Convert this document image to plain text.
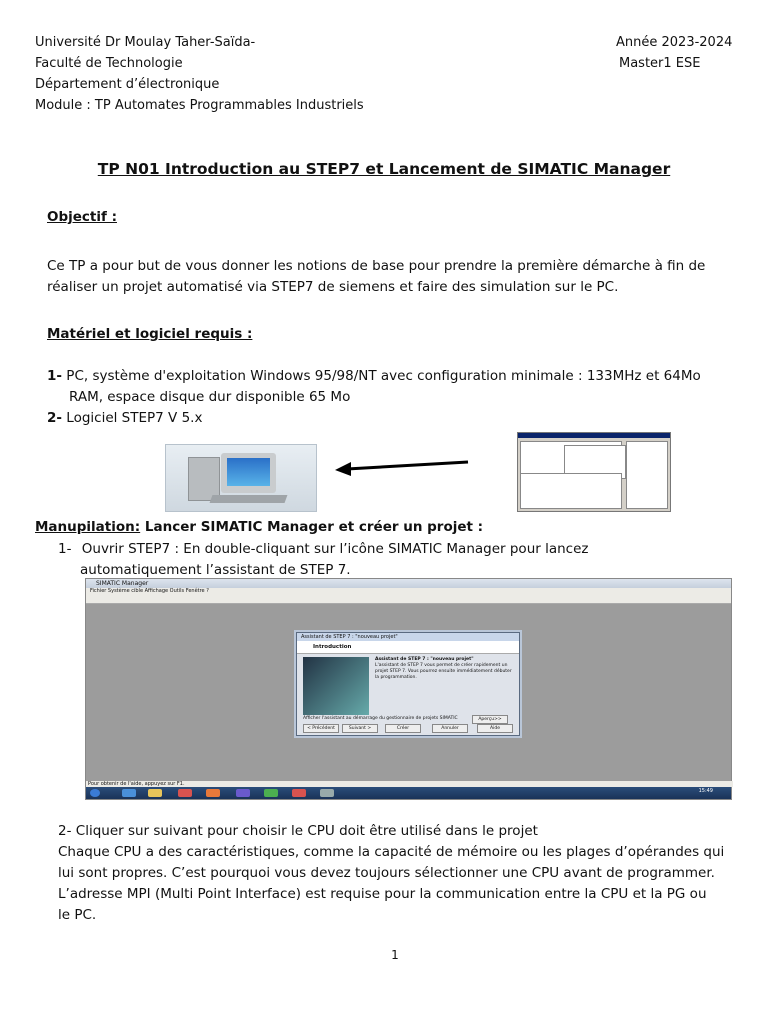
Université Dr Moulay Taher-Saïda-
Faculté de Technologie
Département d’électronique
Module : TP Automates Programmables Industriels
Année 2023-2024
Master1 ESE
TP N01 Introduction au STEP7 et Lancement de SIMATIC Manager
Objectif :
Ce TP a pour but de vous donner les notions de base pour prendre la première démarche à fin de
réaliser un projet automatisé via STEP7 de siemens et faire des simulation sur le PC.
Matériel et logiciel requis :
1- PC, système d'exploitation Windows 95/98/NT avec configuration minimale : 133MHz et 64Mo
RAM, espace disque dur disponible 65 Mo
2- Logiciel STEP7 V 5.x
Manupilation: Lancer SIMATIC Manager et créer un projet :
1- Ouvrir STEP7 : En double-cliquant sur l’icône SIMATIC Manager pour lancez
automatiquement l’assistant de STEP 7.
SIMATIC Manager
Fichier Système cible Affichage Outils Fenêtre ?
Assistant de STEP 7 : "nouveau projet"
Introduction
Assistant de STEP 7 : "nouveau projet"
L'assistant de STEP 7 vous permet de créer rapidement un projet STEP 7. Vous pourrez ensuite immédiatement débuter la programmation.
Afficher l'assistant au démarrage du gestionnaire de projets SIMATIC	Aperçu>>
< Précédent	Suivant >	Créer	Annuler	Aide
Pour obtenir de l'aide, appuyez sur F1.
15:49
2- Cliquer sur suivant pour choisir le CPU doit être utilisé dans le projet
Chaque CPU a des caractéristiques, comme la capacité de mémoire ou les plages d’opérandes qui
lui sont propres. C’est pourquoi vous devez toujours sélectionner une CPU avant de programmer.
L’adresse MPI (Multi Point Interface) est requise pour la communication entre la CPU et la PG ou
le PC.
1
